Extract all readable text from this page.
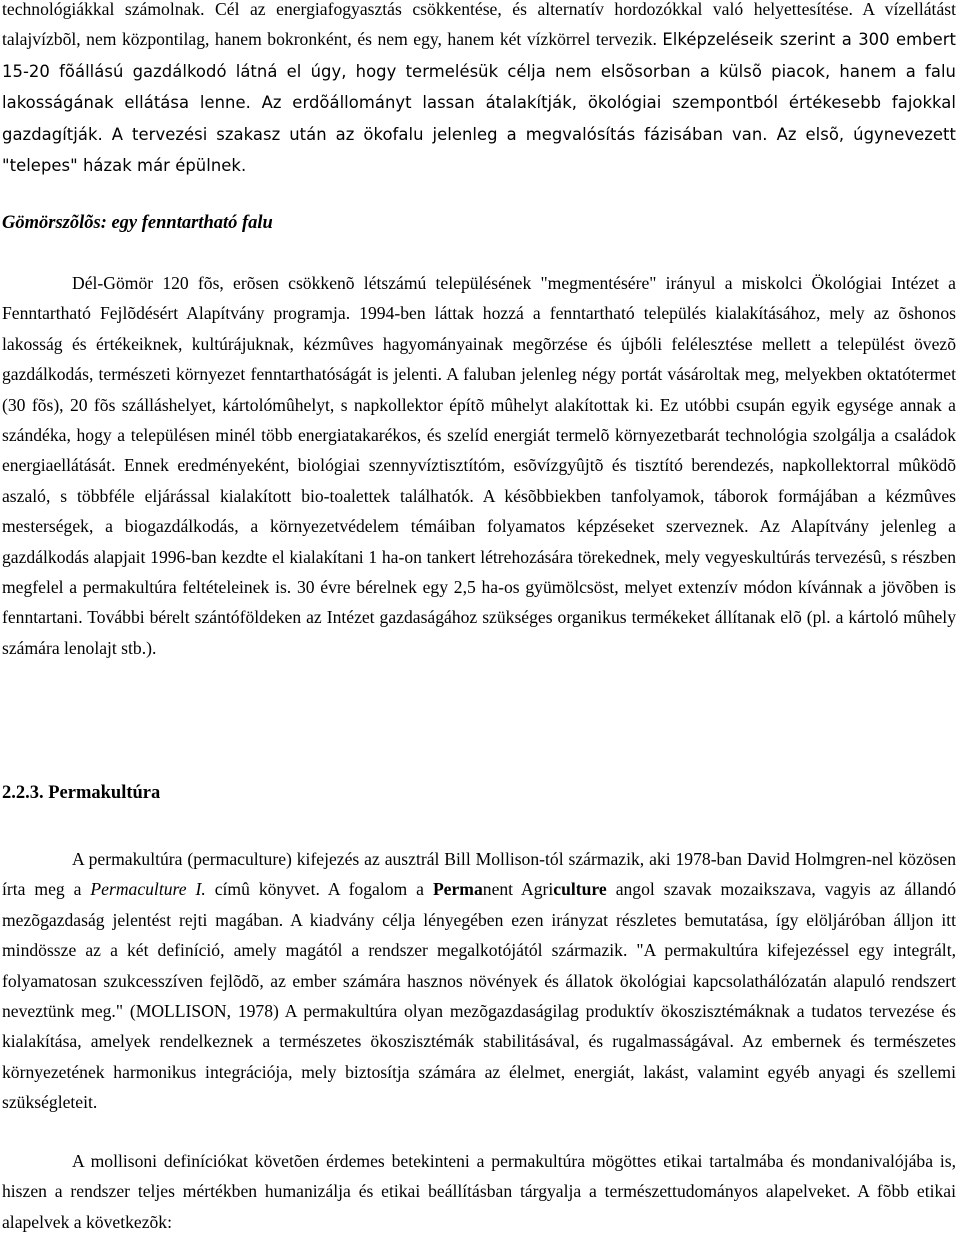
technológiákkal számolnak. Cél az energiafogyasztás csökkentése, és alternatív hordozókkal való helyettesítése. A vízellátást talajvízbõl, nem központilag, hanem bokronként, és nem egy, hanem két vízkörrel tervezik. Elképzeléseik szerint a 300 embert 15-20 fõállású gazdálkodó látná el úgy, hogy termelésük célja nem elsõsorban a külsõ piacok, hanem a falu lakosságának ellátása lenne. Az erdõállományt lassan átalakítják, ökológiai szempontból értékesebb fajokkal gazdagítják. A tervezési szakasz után az ökofalu jelenleg a megvalósítás fázisában van. Az elsõ, úgynevezett "telepes" házak már épülnek.

Gömörszõlõs: egy fenntartható falu

Dél-Gömör 120 fõs, erõsen csökkenõ létszámú településének "megmentésére" irányul a miskolci Ökológiai Intézet a Fenntartható Fejlõdésért Alapítvány programja. 1994-ben láttak hozzá a fenntartható település kialakításához, mely az õshonos lakosság és értékeiknek, kultúrájuknak, kézmûves hagyományainak megõrzése és újbóli felélesztése mellett a települést övezõ gazdálkodás, természeti környezet fenntarthatóságát is jelenti. A faluban jelenleg négy portát vásároltak meg, melyekben oktatótermet (30 fõs), 20 fõs szálláshelyet, kártolómûhelyt, s napkollektor építõ mûhelyt alakítottak ki. Ez utóbbi csupán egyik egysége annak a szándéka, hogy a településen minél több energiatakarékos, és szelíd energiát termelõ környezetbarát technológia szolgálja a családok energiaellátását. Ennek eredményeként, biológiai szennyvíztisztítóm, esõvízgyûjtõ és tisztító berendezés, napkollektorral mûködõ aszaló, s többféle eljárással kialakított bio-toalettek találhatók. A késõbbiekben tanfolyamok, táborok formájában a kézmûves mesterségek, a biogazdálkodás, a környezetvédelem témáiban folyamatos képzéseket szerveznek. Az Alapítvány jelenleg a gazdálkodás alapjait 1996-ban kezdte el kialakítani 1 ha-on tankert létrehozására törekednek, mely vegyeskultúrás tervezésû, s részben megfelel a permakultúra feltételeinek is. 30 évre bérelnek egy 2,5 ha-os gyümölcsöst, melyet extenzív módon kívánnak a jövõben is fenntartani. További bérelt szántóföldeken az Intézet gazdaságához szükséges organikus termékeket állítanak elõ (pl. a kártoló mûhely számára lenolajt stb.).

2.2.3. Permakultúra

A permakultúra (permaculture) kifejezés az ausztrál Bill Mollison-tól származik, aki 1978-ban David Holmgren-nel közösen írta meg a Permaculture I. címû könyvet. A fogalom a Permanent Agriculture angol szavak mozaikszava, vagyis az állandó mezõgazdaság jelentést rejti magában. A kiadvány célja lényegében ezen irányzat részletes bemutatása, így elöljáróban álljon itt mindössze az a két definíció, amely magától a rendszer megalkotójától származik. "A permakultúra kifejezéssel egy integrált, folyamatosan szukcesszíven fejlõdõ, az ember számára hasznos növények és állatok ökológiai kapcsolathálózatán alapuló rendszert neveztünk meg." (MOLLISON, 1978) A permakultúra olyan mezõgazdaságilag produktív ökoszisztémáknak a tudatos tervezése és kialakítása, amelyek rendelkeznek a természetes ökoszisztémák stabilitásával, és rugalmasságával. Az embernek és természetes környezetének harmonikus integrációja, mely biztosítja számára az élelmet, energiát, lakást, valamint egyéb anyagi és szellemi szükségleteit.

A mollisoni definíciókat követõen érdemes betekinteni a permakultúra mögöttes etikai tartalmába és mondanivalójába is, hiszen a rendszer teljes mértékben humanizálja és etikai beállításban tárgyalja a természettudományos alapelveket. A fõbb etikai alapelvek a következõk:
